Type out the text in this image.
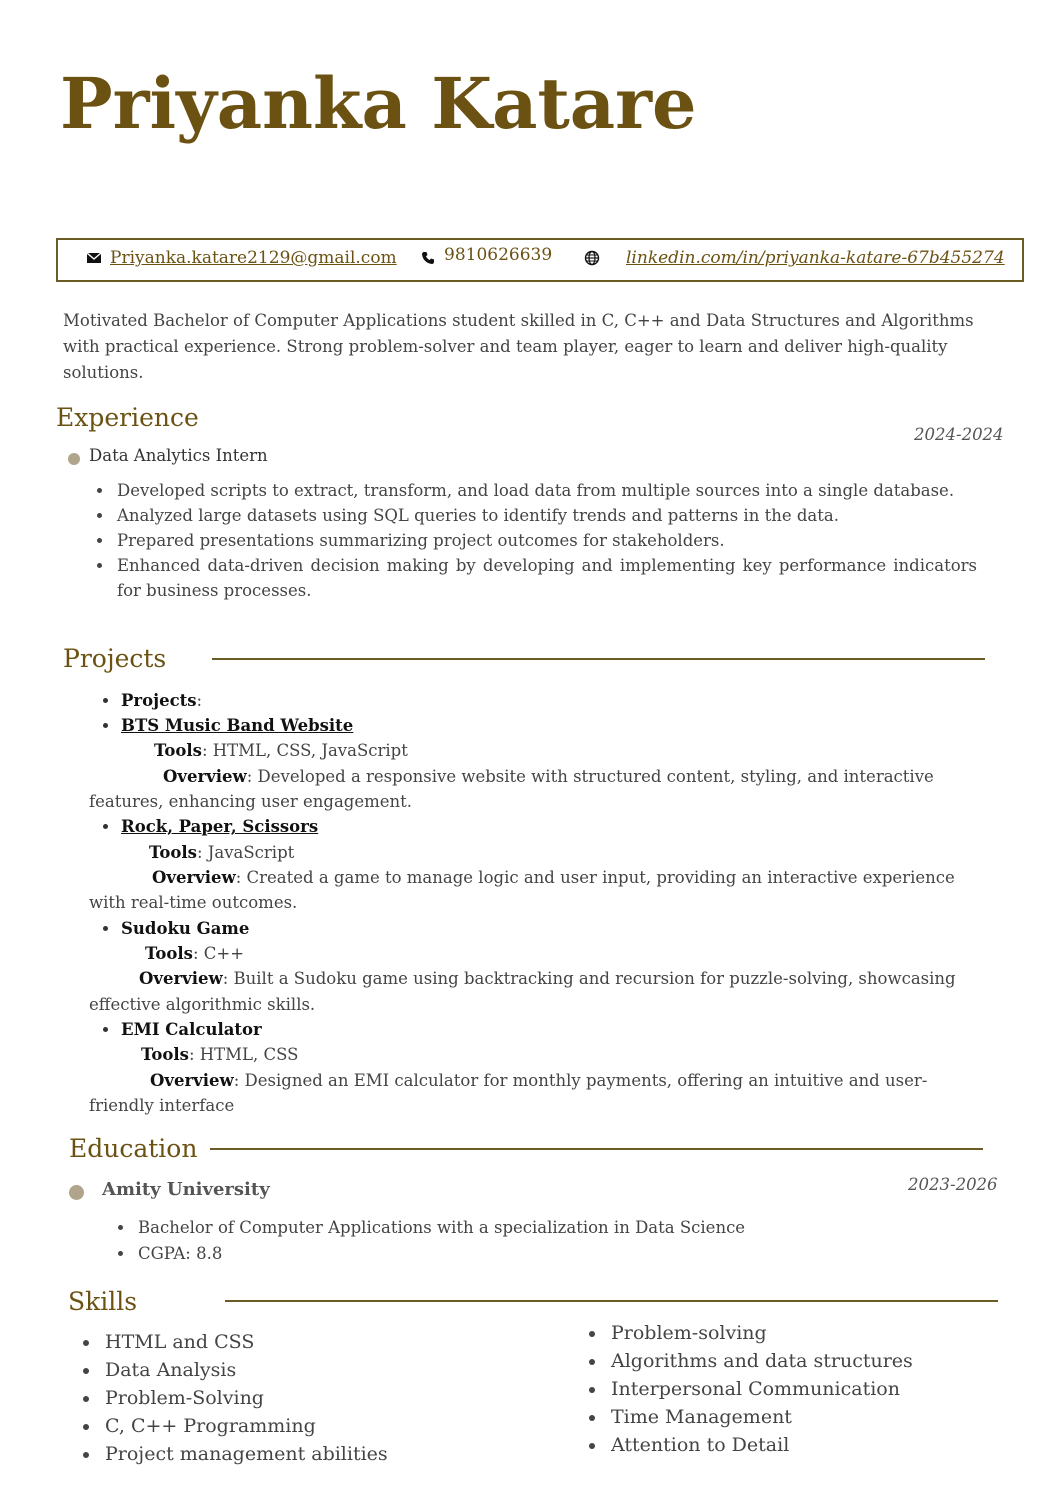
Priyanka Katare
Priyanka.katare2129@gmail.com	9810626639	linkedin.com/in/priyanka-katare-67b455274

Motivated Bachelor of Computer Applications student skilled in C, C++ and Data Structures and Algorithms with practical experience. Strong problem-solver and team player, eager to learn and deliver high-quality solutions.

Experience
2024-2024
Data Analytics Intern
Developed scripts to extract, transform, and load data from multiple sources into a single database.
Analyzed large datasets using SQL queries to identify trends and patterns in the data.
Prepared presentations summarizing project outcomes for stakeholders.
Enhanced data-driven decision making by developing and implementing key performance indicators for business processes.
Projects
Projects:
BTS Music Band Website
Tools: HTML, CSS, JavaScript
Overview: Developed a responsive website with structured content, styling, and interactive
features, enhancing user engagement.
Rock, Paper, Scissors
Tools: JavaScript
Overview: Created a game to manage logic and user input, providing an interactive experience
with real-time outcomes.
Sudoku Game
Tools: C++
Overview: Built a Sudoku game using backtracking and recursion for puzzle-solving, showcasing
effective algorithmic skills.
EMI Calculator
Tools: HTML, CSS
Overview: Designed an EMI calculator for monthly payments, offering an intuitive and user-
friendly interface
Education
2023-2026
Amity University
Bachelor of Computer Applications with a specialization in Data Science
CGPA: 8.8
Skills
HTML and CSS
Data Analysis
Problem-Solving
C, C++ Programming
Project management abilities
Problem-solving
Algorithms and data structures
Interpersonal Communication
Time Management
Attention to Detail
